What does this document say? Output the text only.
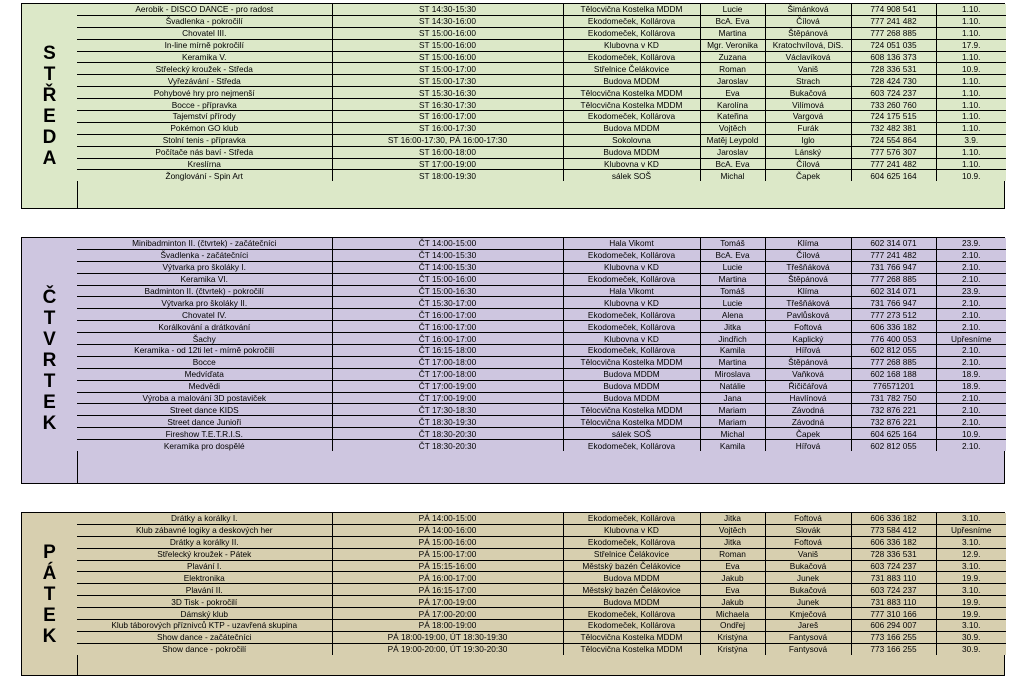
S
T
Ř
E
D
A
Aerobik - DISCO DANCE - pro radost	ST 14:30-15:30	Tělocvična Kostelka MDDM	Lucie	Šimánková	774 908 541	1.10.
Švadlenka - pokročilí	ST 14:30-16:00	Ekodomeček, Kollárova	BcA. Eva	Čílová	777 241 482	1.10.
Chovatel III.	ST 15:00-16:00	Ekodomeček, Kollárova	Martina	Štěpánová	777 268 885	1.10.
In-line mírně pokročilí	ST 15:00-16:00	Klubovna v KD	Mgr. Veronika	Kratochvílová, DiS.	724 051 035	17.9.
Keramika V.	ST 15:00-16:00	Ekodomeček, Kollárova	Zuzana	Václavíková	608 136 373	1.10.
Střelecký kroužek - Středa	ST 15:00-17:00	Střelnice Čelákovice	Roman	Vaniš	728 336 531	10.9.
Vyřezávání - Středa	ST 15:00-17:30	Budova MDDM	Jaroslav	Strach	728 424 730	1.10.
Pohybové hry pro nejmenší	ST 15:30-16:30	Tělocvična Kostelka MDDM	Eva	Bukačová	603 724 237	1.10.
Bocce - přípravka	ST 16:30-17:30	Tělocvična Kostelka MDDM	Karolína	Vilímová	733 260 760	1.10.
Tajemství přírody	ST 16:00-17:00	Ekodomeček, Kollárova	Kateřina	Vargová	724 175 515	1.10.
Pokémon GO klub	ST 16:00-17:30	Budova MDDM	Vojtěch	Furák	732 482 381	1.10.
Stolní tenis - přípravka	ST 16:00-17:30, PÁ 16:00-17:30	Sokolovna	Matěj Leypold	Iglo	724 554 864	3.9.
Počítače nás baví - Středa	ST 16:00-18:00	Budova MDDM	Jaroslav	Lánský	777 576 307	1.10.
Kreslírna	ST 17:00-19:00	Klubovna v KD	BcA. Eva	Čílová	777 241 482	1.10.
Žonglování - Spin Art	ST 18:00-19:30	sálek SOŠ	Michal	Čapek	604 625 164	10.9.
Č
T
V
R
T
E
K
Minibadminton II. (čtvrtek) - začátečníci	ČT 14:00-15:00	Hala Vikomt	Tomáš	Klíma	602 314 071	23.9.
Švadlenka - začátečníci	ČT 14:00-15:30	Ekodomeček, Kollárova	BcA. Eva	Čílová	777 241 482	2.10.
Výtvarka pro školáky I.	ČT 14:00-15:30	Klubovna v KD	Lucie	Třešňáková	731 766 947	2.10.
Keramika VI.	ČT 15:00-16:00	Ekodomeček, Kollárova	Martina	Štěpánová	777 268 885	2.10.
Badminton II. (čtvrtek) - pokročilí	ČT 15:00-16:30	Hala Vikomt	Tomáš	Klíma	602 314 071	23.9.
Výtvarka pro školáky II.	ČT 15:30-17:00	Klubovna v KD	Lucie	Třešňáková	731 766 947	2.10.
Chovatel IV.	ČT 16:00-17:00	Ekodomeček, Kollárova	Alena	Pavlůsková	777 273 512	2.10.
Korálkování a drátkování	ČT 16:00-17:00	Ekodomeček, Kollárova	Jitka	Foftová	606 336 182	2.10.
Šachy	ČT 16:00-17:00	Klubovna v KD	Jindřich	Kaplický	776 400 053	Upřesníme
Keramika - od 12ti let - mírně pokročilí	ČT 16:15-18:00	Ekodomeček, Kollárova	Kamila	Hířová	602 812 055	2.10.
Bocce	ČT 17:00-18:00	Tělocvična Kostelka MDDM	Martina	Štěpánová	777 268 885	2.10.
Medvíďata	ČT 17:00-18:00	Budova MDDM	Miroslava	Vaňková	602 168 188	18.9.
Medvědi	ČT 17:00-19:00	Budova MDDM	Natálie	Řičičářová	776571201	18.9.
Výroba a malování 3D postaviček	ČT 17:00-19:00	Budova MDDM	Jana	Havlínová	731 782 750	2.10.
Street dance KIDS	ČT 17:30-18:30	Tělocvična Kostelka MDDM	Mariam	Závodná	732 876 221	2.10.
Street dance Junioři	ČT 18:30-19:30	Tělocvična Kostelka MDDM	Mariam	Závodná	732 876 221	2.10.
Fireshow T.E.T.R.I.S.	ČT 18:30-20:30	sálek SOŠ	Michal	Čapek	604 625 164	10.9.
Keramika pro dospělé	ČT 18:30-20:30	Ekodomeček, Kollárova	Kamila	Hířová	602 812 055	2.10.
P
Á
T
E
K
Drátky a korálky I.	PÁ 14:00-15:00	Ekodomeček, Kollárova	Jitka	Foftová	606 336 182	3.10.
Klub zábavné logiky a deskových her	PÁ 14:00-16:00	Klubovna v KD	Vojtěch	Slovák	773 584 412	Upřesníme
Drátky a korálky II.	PÁ 15:00-16:00	Ekodomeček, Kollárova	Jitka	Foftová	606 336 182	3.10.
Střelecký kroužek - Pátek	PÁ 15:00-17:00	Střelnice Čelákovice	Roman	Vaniš	728 336 531	12.9.
Plavání I.	PÁ 15:15-16:00	Městský bazén Čelákovice	Eva	Bukačová	603 724 237	3.10.
Elektronika	PÁ 16:00-17:00	Budova MDDM	Jakub	Junek	731 883 110	19.9.
Plavání II.	PÁ 16:15-17:00	Městský bazén Čelákovice	Eva	Bukačová	603 724 237	3.10.
3D Tisk - pokročilí	PÁ 17:00-19:00	Budova MDDM	Jakub	Junek	731 883 110	19.9.
Dámský klub	PÁ 17:00-20:00	Ekodomeček, Kollárova	Michaela	Kmječová	777 310 166	19.9.
Klub táborových příznivců KTP - uzavřená skupina	PÁ 18:00-19:00	Ekodomeček, Kollárova	Ondřej	Jareš	606 294 007	3.10.
Show dance - začátečníci	PÁ 18:00-19:00, ÚT 18:30-19:30	Tělocvična Kostelka MDDM	Kristýna	Fantysová	773 166 255	30.9.
Show dance - pokročilí	PÁ 19:00-20:00, ÚT 19:30-20:30	Tělocvična Kostelka MDDM	Kristýna	Fantysová	773 166 255	30.9.
